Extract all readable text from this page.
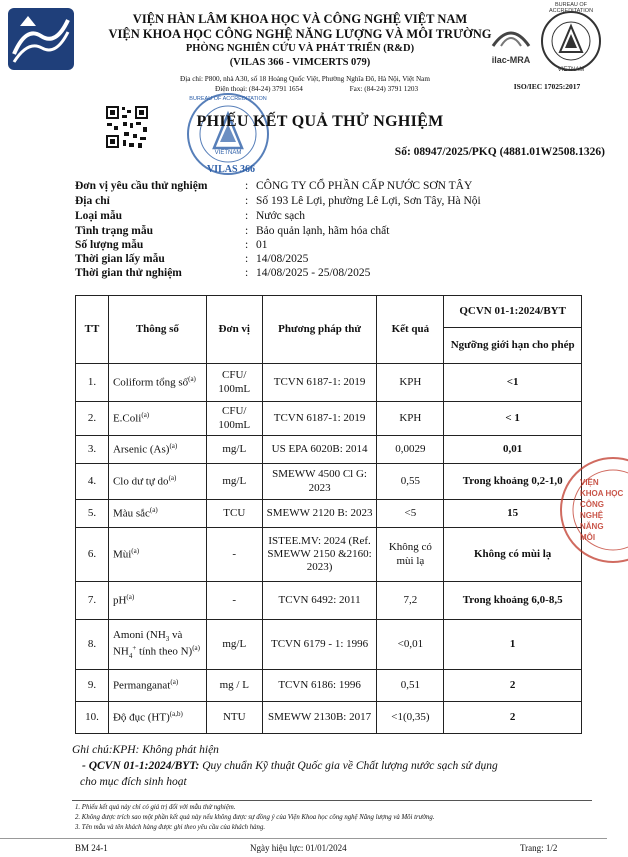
VIỆN HÀN LÂM KHOA HỌC VÀ CÔNG NGHỆ VIỆT NAM
VIỆN KHOA HỌC CÔNG NGHỆ NĂNG LƯỢNG VÀ MÔI TRƯỜNG
PHÒNG NGHIÊN CỨU VÀ PHÁT TRIỂN (R&D)
(VILAS 366 - VIMCERTS 079)
Địa chỉ: P800, nhà A30, số 18 Hoàng Quốc Việt, Phường Nghĩa Đô, Hà Nội, Việt Nam
Điện thoại: (84-24) 3791 1654	Fax: (84-24) 3791 1203
ilac-MRA
BUREAU OF ACCREDITATION
VIETNAM
ISO/IEC 17025:2017
BUREAU OF ACCREDITATION
VIETNAM
PHIẾU KẾT QUẢ THỬ NGHIỆM
VILAS 366
Số: 08947/2025/PKQ (4881.01W2508.1326)
Đơn vị yêu cầu thử nghiệm	: CÔNG TY CỔ PHẦN CẤP NƯỚC SƠN TÂY
Địa chỉ	: Số 193 Lê Lợi, phường Lê Lợi, Sơn Tây, Hà Nội
Loại mẫu	: Nước sạch
Tình trạng mẫu	: Bảo quản lạnh, hãm hóa chất
Số lượng mẫu	: 01
Thời gian lấy mẫu	: 14/08/2025
Thời gian thử nghiệm	: 14/08/2025 - 25/08/2025
TT	Thông số	Đơn vị	Phương pháp thử	Kết quả	QCVN 01-1:2024/BYT
					Ngưỡng giới hạn cho phép
1.	Coliform tổng số$^{(a)}$	CFU/ 100mL	TCVN 6187-1: 2019	KPH	<1
2.	E.Coli$^{(a)}$	CFU/ 100mL	TCVN 6187-1: 2019	KPH	< 1
3.	Arsenic $(As)^{(a)}$	mg/L	US EPA 6020B: 2014	0,0029	0,01
4.	Clo dư tự $do^{(a)}$	mg/L	SMEWW 4500 Cl G: 2023	0,55	Trong khoảng 0,2-1,0
5.	Màu sắc$^{(a)}$	TCU	SMEWW 2120 B: 2023	<5	15
6.	Mùi$^{(a)}$	-	ISTEE.MV: 2024 (Ref. SMEWW 2150 &2160: 2023)	Không có mùi lạ	Không có mùi lạ
7.	$pH^{(a)}$	-	TCVN 6492: 2011	7,2	Trong khoảng 6,0-8,5
8.	Amoni ($NH_3$ và $NH_4^+$ tính theo N)$^{(a)}$	mg/L	TCVN 6179 - 1: 1996	<0,01	1
9.	Permanganat$^{(a)}$	mg / L	TCVN 6186: 1996	0,51	2
10.	Độ đục (HT)$^{(a,b)}$	NTU	SMEWW 2130B: 2017	<1(0,35)	2
VIỆN
KHOA HỌC
CÔNG NGHỆ
NĂNG
MÔI
Ghi chú:KPH: Không phát hiện
- QCVN 01-1:2024/BYT: Quy chuẩn Kỹ thuật Quốc gia về Chất lượng nước sạch sử dụng
cho mục đích sinh hoạt
1. Phiếu kết quả này chỉ có giá trị đối với mẫu thử nghiệm.
2. Không được trích sao một phần kết quả này nếu không được sự đồng ý của Viện Khoa học công nghệ Năng lượng và Môi trường.
3. Tên mẫu và tên khách hàng được ghi theo yêu cầu của khách hàng.
BM 24-1	Ngày hiệu lực: 01/01/2024	Trang: 1/2
